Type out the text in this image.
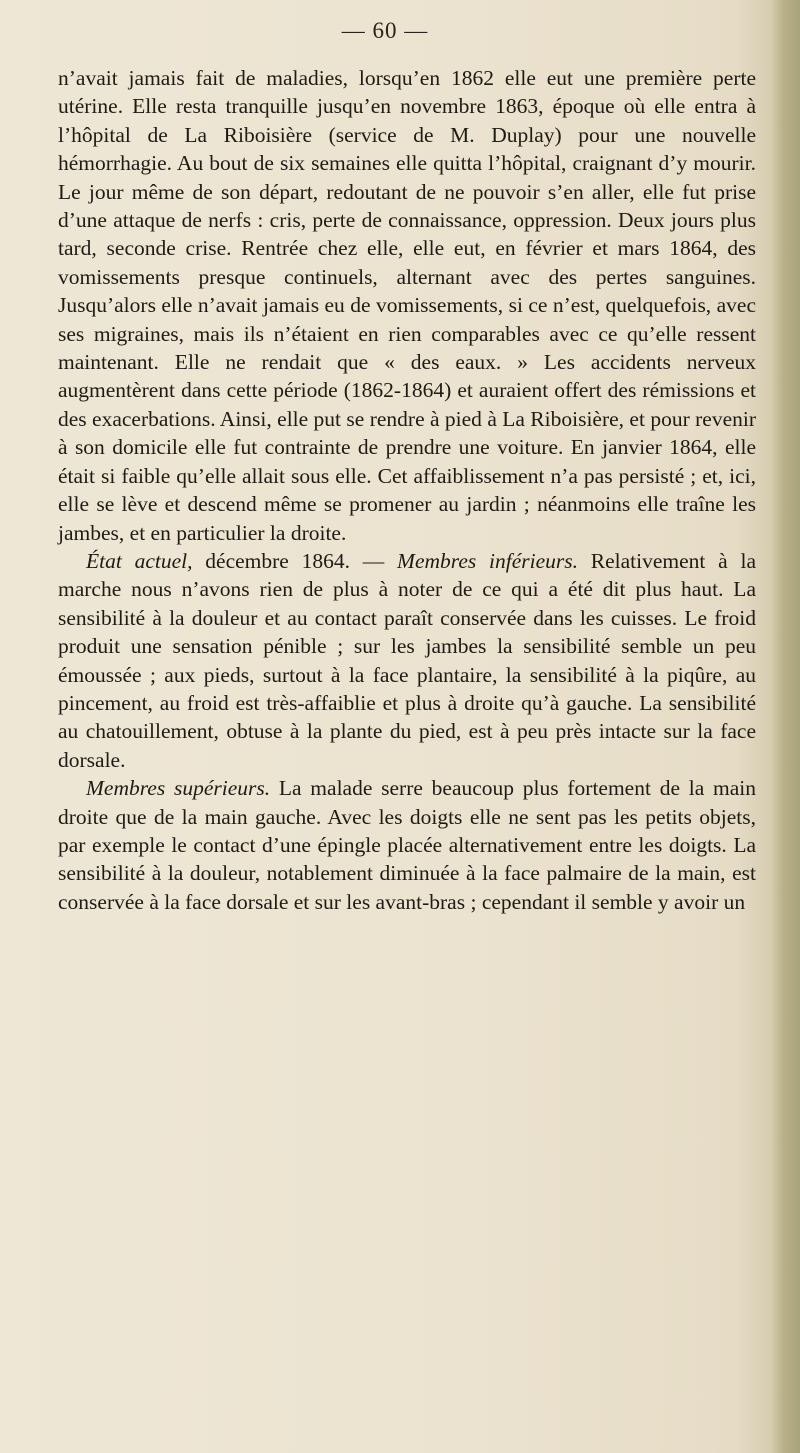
— 60 —

n’avait jamais fait de maladies, lorsqu’en 1862 elle eut une première perte utérine. Elle resta tranquille jusqu’en novembre 1863, époque où elle entra à l’hôpital de La Riboisière (service de M. Duplay) pour une nouvelle hémorrhagie. Au bout de six semaines elle quitta l’hôpital, craignant d’y mourir. Le jour même de son départ, redoutant de ne pouvoir s’en aller, elle fut prise d’une attaque de nerfs : cris, perte de connaissance, oppression. Deux jours plus tard, seconde crise. Rentrée chez elle, elle eut, en février et mars 1864, des vomissements presque continuels, alternant avec des pertes sanguines. Jusqu’alors elle n’avait jamais eu de vomissements, si ce n’est, quelquefois, avec ses migraines, mais ils n’étaient en rien comparables avec ce qu’elle ressent maintenant. Elle ne rendait que « des eaux. » Les accidents nerveux augmentèrent dans cette période (1862-1864) et auraient offert des rémissions et des exacerbations. Ainsi, elle put se rendre à pied à La Riboisière, et pour revenir à son domicile elle fut contrainte de prendre une voiture. En janvier 1864, elle était si faible qu’elle allait sous elle. Cet affaiblissement n’a pas persisté ; et, ici, elle se lève et descend même se promener au jardin ; néanmoins elle traîne les jambes, et en particulier la droite.

État actuel, décembre 1864. — Membres inférieurs. Relativement à la marche nous n’avons rien de plus à noter de ce qui a été dit plus haut. La sensibilité à la douleur et au contact paraît conservée dans les cuisses. Le froid produit une sensation pénible ; sur les jambes la sensibilité semble un peu émoussée ; aux pieds, surtout à la face plantaire, la sensibilité à la piqûre, au pincement, au froid est très-affaiblie et plus à droite qu’à gauche. La sensibilité au chatouillement, obtuse à la plante du pied, est à peu près intacte sur la face dorsale.

Membres supérieurs. La malade serre beaucoup plus fortement de la main droite que de la main gauche. Avec les doigts elle ne sent pas les petits objets, par exemple le contact d’une épingle placée alternativement entre les doigts. La sensibilité à la douleur, notablement diminuée à la face palmaire de la main, est conservée à la face dorsale et sur les avant-bras ; cependant il semble y avoir un
